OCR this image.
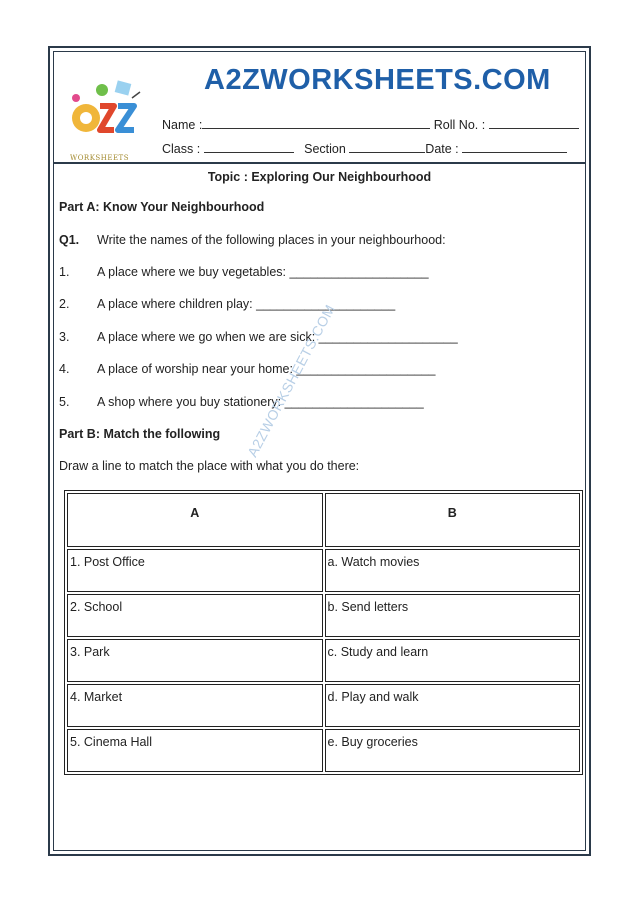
WORKSHEETS
A2ZWORKSHEETS.COM
Name :	Roll No. :
Class :	Section	Date :
Topic : Exploring Our Neighbourhood
Part A: Know Your Neighbourhood
Q1. Write the names of the following places in your neighbourhood:
1. A place where we buy vegetables: ____________________
2. A place where children play: ____________________
3. A place where we go when we are sick: ____________________
4. A place of worship near your home: ____________________
5. A shop where you buy stationery: ____________________
Part B: Match the following
Draw a line to match the place with what you do there:
A2ZWORKSHEETS.COM
A	B
1. Post Office	a. Watch movies
2. School	b. Send letters
3. Park	c. Study and learn
4. Market	d. Play and walk
5. Cinema Hall	e. Buy groceries
